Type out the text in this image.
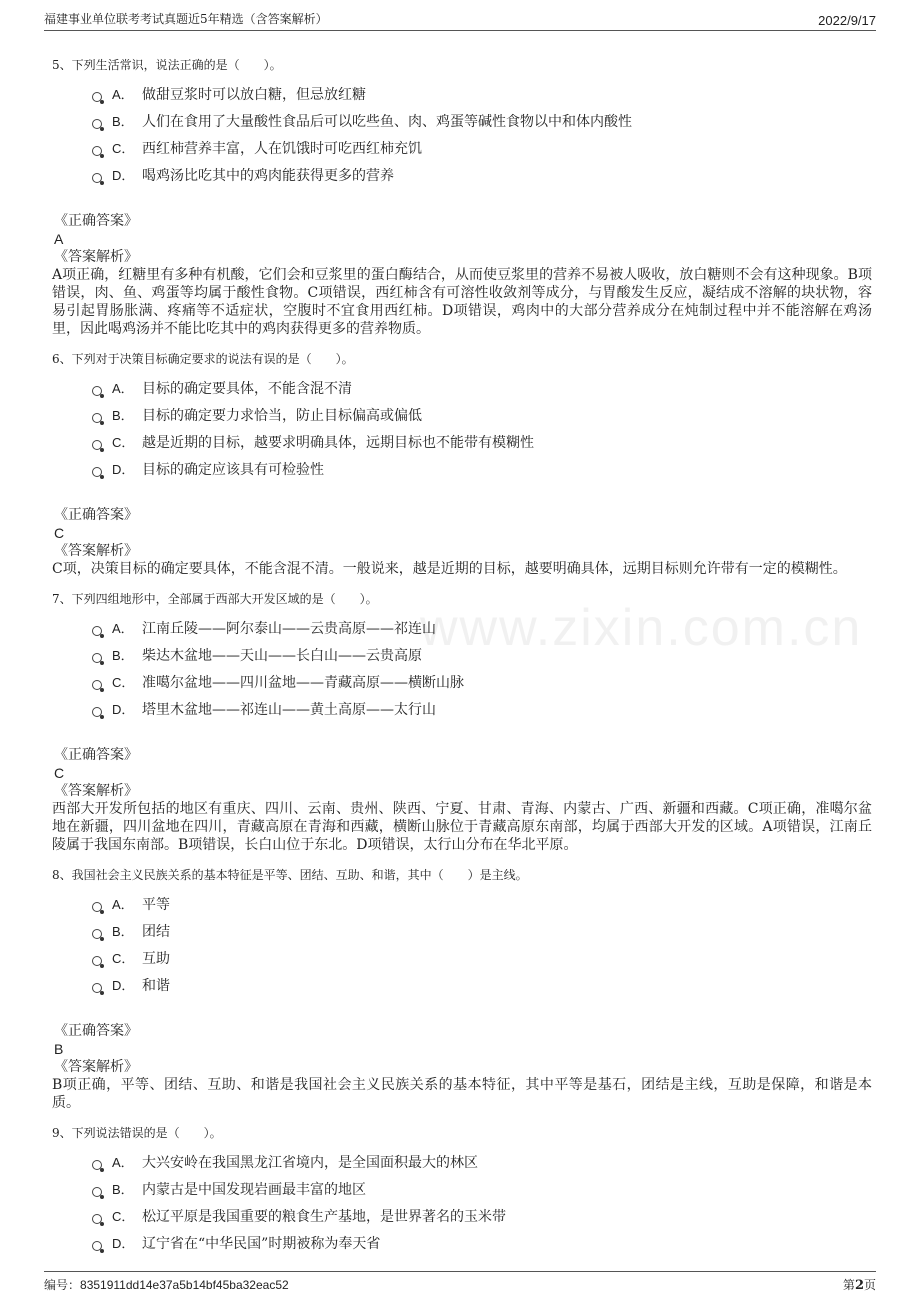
福建事业单位联考考试真题近5年精选（含答案解析）	2022/9/17
www.zixin.com.cn
5、下列生活常识，说法正确的是（　　）。
A． 做甜豆浆时可以放白糖，但忌放红糖
B． 人们在食用了大量酸性食品后可以吃些鱼、肉、鸡蛋等碱性食物以中和体内酸性
C． 西红柿营养丰富，人在饥饿时可吃西红柿充饥
D． 喝鸡汤比吃其中的鸡肉能获得更多的营养
《正确答案》
A
《答案解析》
A项正确，红糖里有多种有机酸，它们会和豆浆里的蛋白酶结合，从而使豆浆里的营养不易被人吸收，放白糖则不会有这种现象。B项错误，肉、鱼、鸡蛋等均属于酸性食物。C项错误，西红柿含有可溶性收敛剂等成分，与胃酸发生反应，凝结成不溶解的块状物，容易引起胃肠胀满、疼痛等不适症状，空腹时不宜食用西红柿。D项错误，鸡肉中的大部分营养成分在炖制过程中并不能溶解在鸡汤里，因此喝鸡汤并不能比吃其中的鸡肉获得更多的营养物质。
6、下列对于决策目标确定要求的说法有误的是（　　）。
A． 目标的确定要具体，不能含混不清
B． 目标的确定要力求恰当，防止目标偏高或偏低
C． 越是近期的目标，越要求明确具体，远期目标也不能带有模糊性
D． 目标的确定应该具有可检验性
《正确答案》
C
《答案解析》
C项，决策目标的确定要具体，不能含混不清。一般说来，越是近期的目标，越要明确具体，远期目标则允许带有一定的模糊性。
7、下列四组地形中，全部属于西部大开发区域的是（　　）。
A． 江南丘陵——阿尔泰山——云贵高原——祁连山
B． 柴达木盆地——天山——长白山——云贵高原
C． 准噶尔盆地——四川盆地——青藏高原——横断山脉
D． 塔里木盆地——祁连山——黄土高原——太行山
《正确答案》
C
《答案解析》
西部大开发所包括的地区有重庆、四川、云南、贵州、陕西、宁夏、甘肃、青海、内蒙古、广西、新疆和西藏。C项正确，准噶尔盆地在新疆，四川盆地在四川，青藏高原在青海和西藏，横断山脉位于青藏高原东南部，均属于西部大开发的区域。A项错误，江南丘陵属于我国东南部。B项错误，长白山位于东北。D项错误，太行山分布在华北平原。
8、我国社会主义民族关系的基本特征是平等、团结、互助、和谐，其中（　　）是主线。
A． 平等
B． 团结
C． 互助
D． 和谐
《正确答案》
B
《答案解析》
B项正确，平等、团结、互助、和谐是我国社会主义民族关系的基本特征，其中平等是基石，团结是主线，互助是保障，和谐是本质。
9、下列说法错误的是（　　）。
A． 大兴安岭在我国黑龙江省境内，是全国面积最大的林区
B． 内蒙古是中国发现岩画最丰富的地区
C． 松辽平原是我国重要的粮食生产基地，是世界著名的玉米带
D． 辽宁省在“中华民国”时期被称为奉天省
编号：8351911dd14e37a5b14bf45ba32eac52	第2页
